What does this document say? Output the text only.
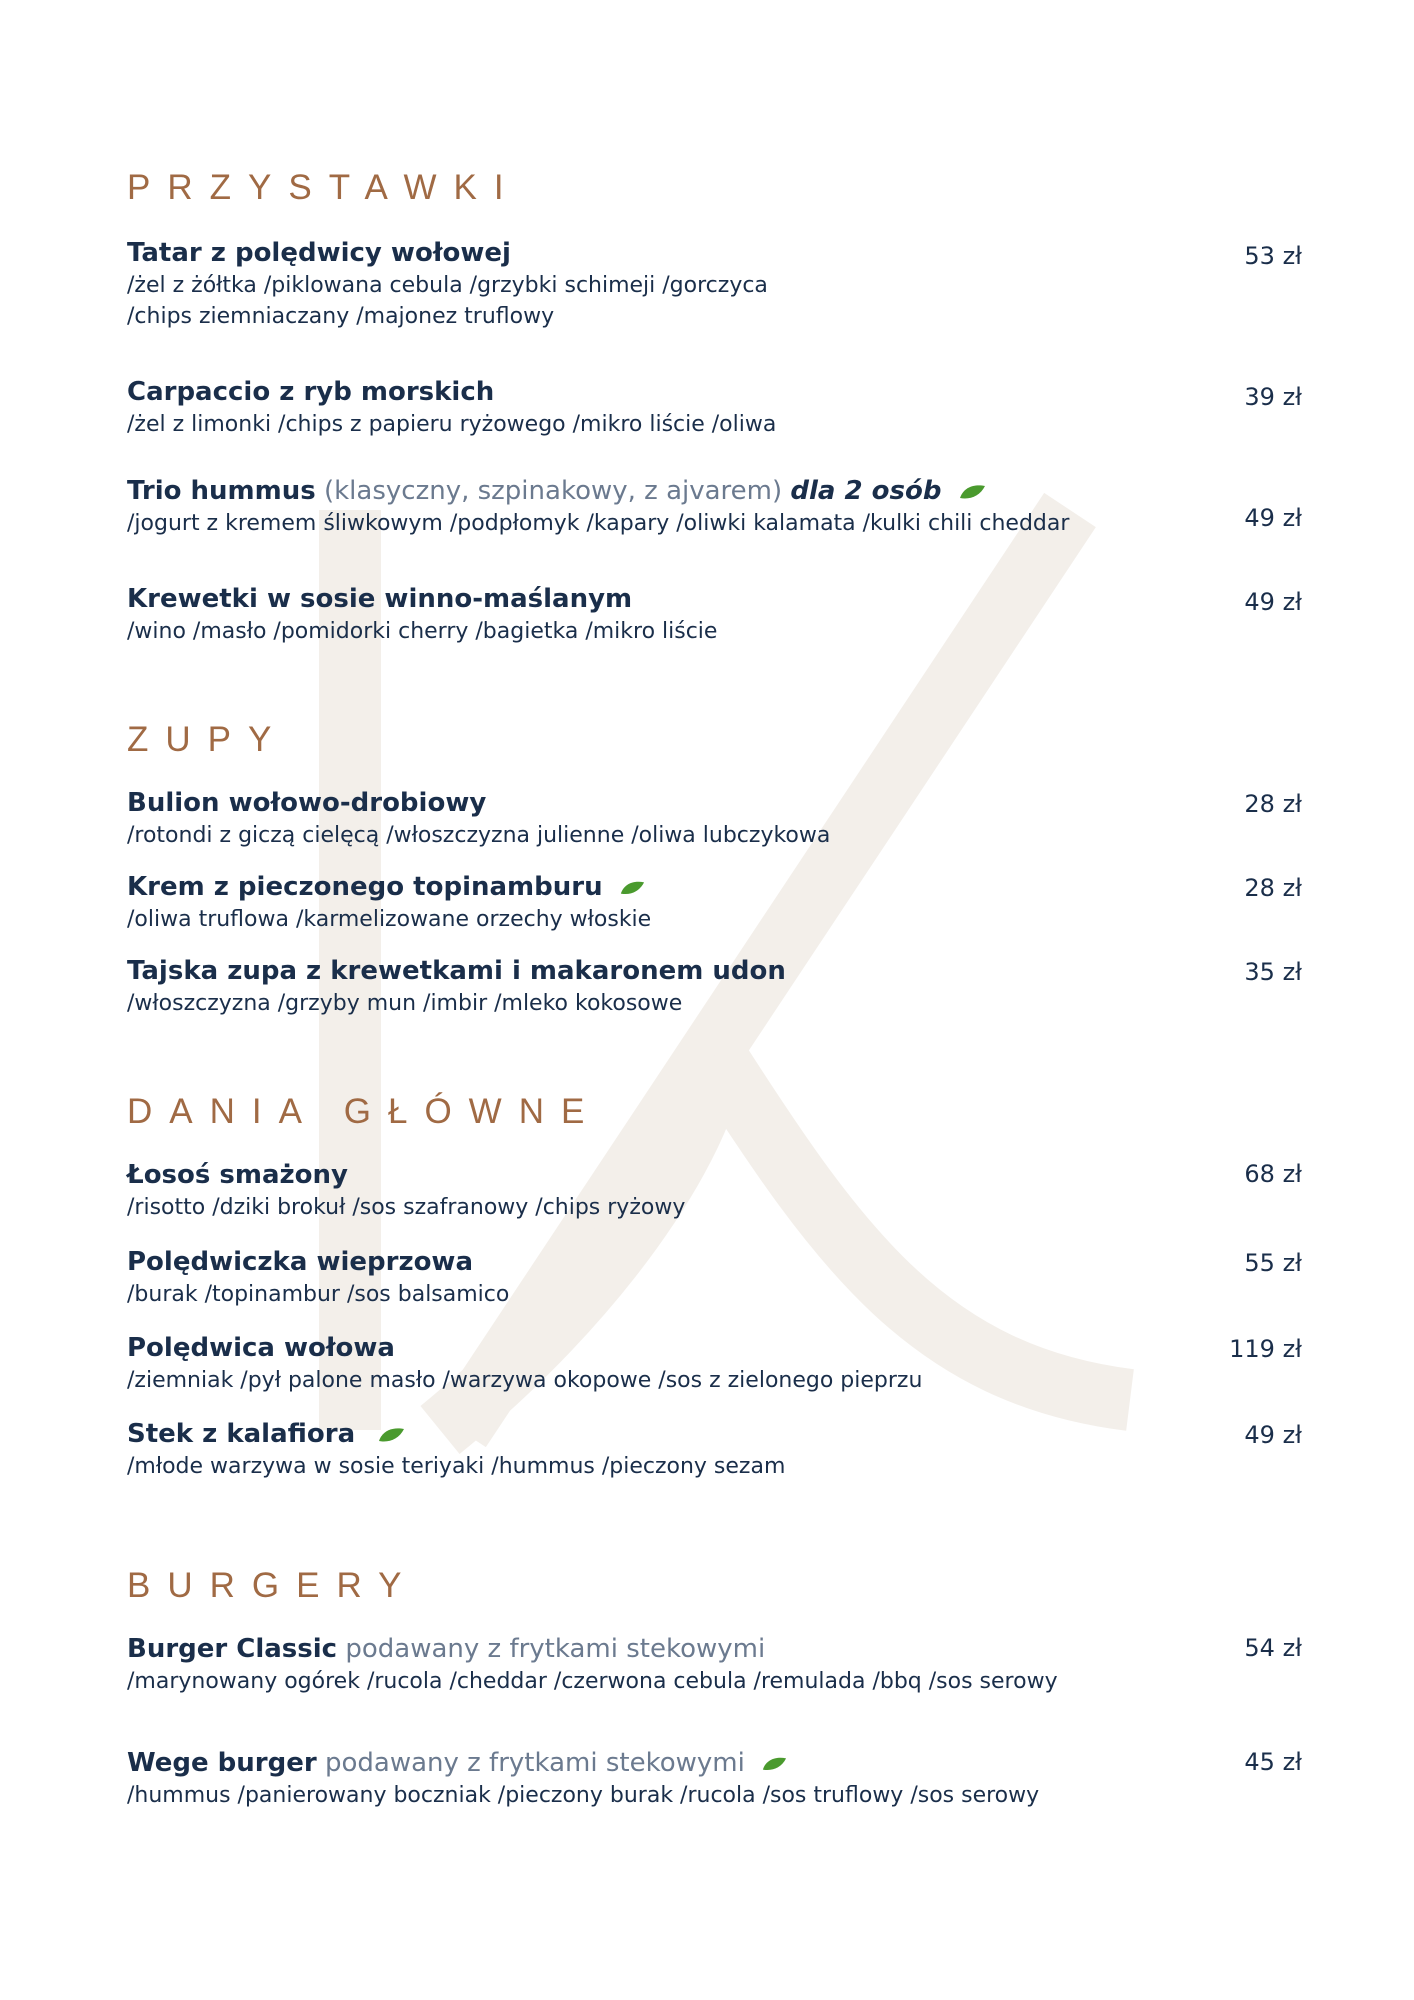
PRZYSTAWKI

Tatar z polędwicy wołowej

/żel z żółtka /piklowana cebula /grzybki schimeji /gorczyca

/chips ziemniaczany /majonez truflowy

53 zł

Carpaccio z ryb morskich

/żel z limonki /chips z papieru ryżowego /mikro liście /oliwa

39 zł

Trio hummus (klasyczny, szpinakowy, z ajvarem) dla 2 osób

/jogurt z kremem śliwkowym /podpłomyk /kapary /oliwki kalamata /kulki chili cheddar	49 zł

Krewetki w sosie winno-maślanym

/wino /masło /pomidorki cherry /bagietka /mikro liście

49 zł
ZUPY

Bulion wołowo-drobiowy

/rotondi z giczą cielęcą /włoszczyzna julienne /oliwa lubczykowa

28 zł

Krem z pieczonego topinamburu

/oliwa truflowa /karmelizowane orzechy włoskie

28 zł

Tajska zupa z krewetkami i makaronem udon

/włoszczyzna /grzyby mun /imbir /mleko kokosowe

35 zł
DANIA GŁÓWNE

Łosoś smażony

/risotto /dziki brokuł /sos szafranowy /chips ryżowy

68 zł

Polędwiczka wieprzowa

/burak /topinambur /sos balsamico

55 zł

Polędwica wołowa

/ziemniak /pył palone masło /warzywa okopowe /sos z zielonego pieprzu

119 zł

Stek z kalafiora

/młode warzywa w sosie teriyaki /hummus /pieczony sezam

49 zł
BURGERY

Burger Classic podawany z frytkami stekowymi

/marynowany ogórek /rucola /cheddar /czerwona cebula /remulada /bbq /sos serowy

54 zł

Wege burger podawany z frytkami stekowymi

/hummus /panierowany boczniak /pieczony burak /rucola /sos truflowy /sos serowy

45 zł
